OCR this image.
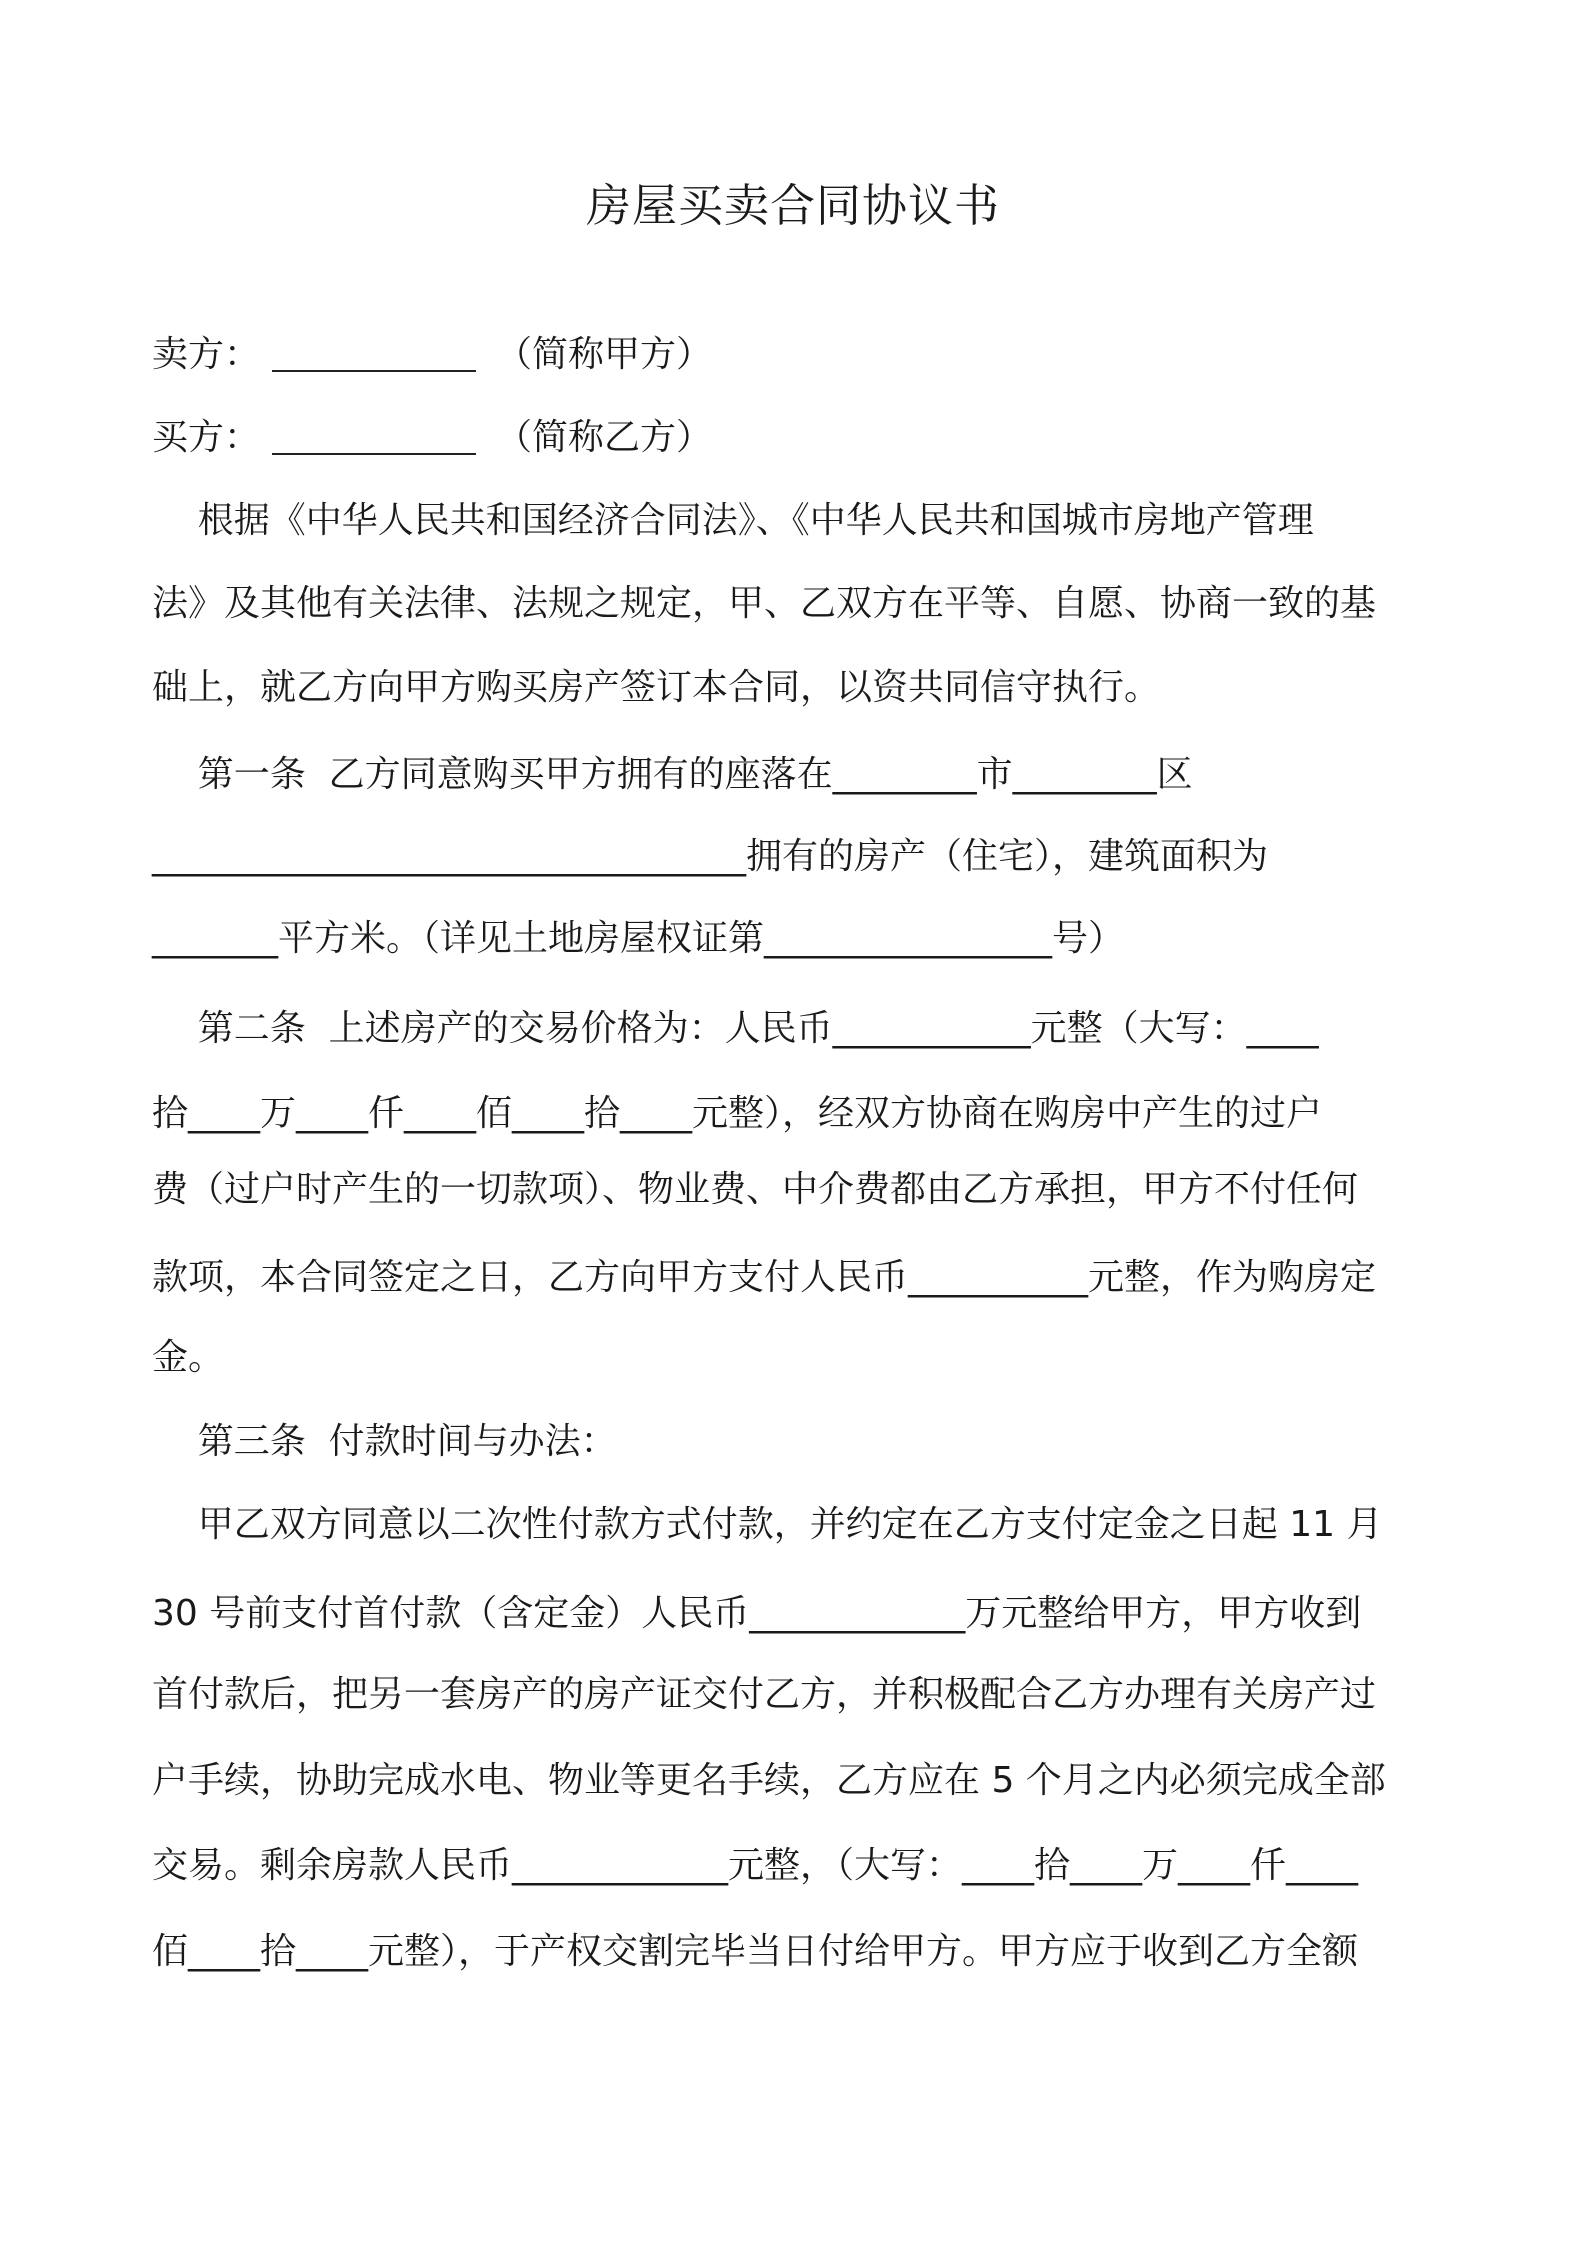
房屋买卖合同协议书

卖方：	（简称甲方）

买方：	（简称乙方）

根据《中华人民共和国经济合同法》、《中华人民共和国城市房地产管理

法》及其他有关法律、法规之规定，甲、乙双方在平等、自愿、协商一致的基

础上，就乙方向甲方购买房产签订本合同，以资共同信守执行。

第一条  乙方同意购买甲方拥有的座落在________市________区

_________________________________拥有的房产（住宅），建筑面积为

_______平方米。（详见土地房屋权证第________________号）

第二条  上述房产的交易价格为：人民币___________元整（大写：____

拾____万____仟____佰____拾____元整），经双方协商在购房中产生的过户

费（过户时产生的一切款项）、物业费、中介费都由乙方承担，甲方不付任何

款项，本合同签定之日，乙方向甲方支付人民币__________元整，作为购房定

金。

第三条  付款时间与办法：

甲乙双方同意以二次性付款方式付款，并约定在乙方支付定金之日起 11 月

30 号前支付首付款（含定金）人民币____________万元整给甲方，甲方收到

首付款后，把另一套房产的房产证交付乙方，并积极配合乙方办理有关房产过

户手续，协助完成水电、物业等更名手续，乙方应在 5 个月之内必须完成全部

交易。剩余房款人民币____________元整，（大写：____拾____万____仟____

佰____拾____元整），于产权交割完毕当日付给甲方。甲方应于收到乙方全额
